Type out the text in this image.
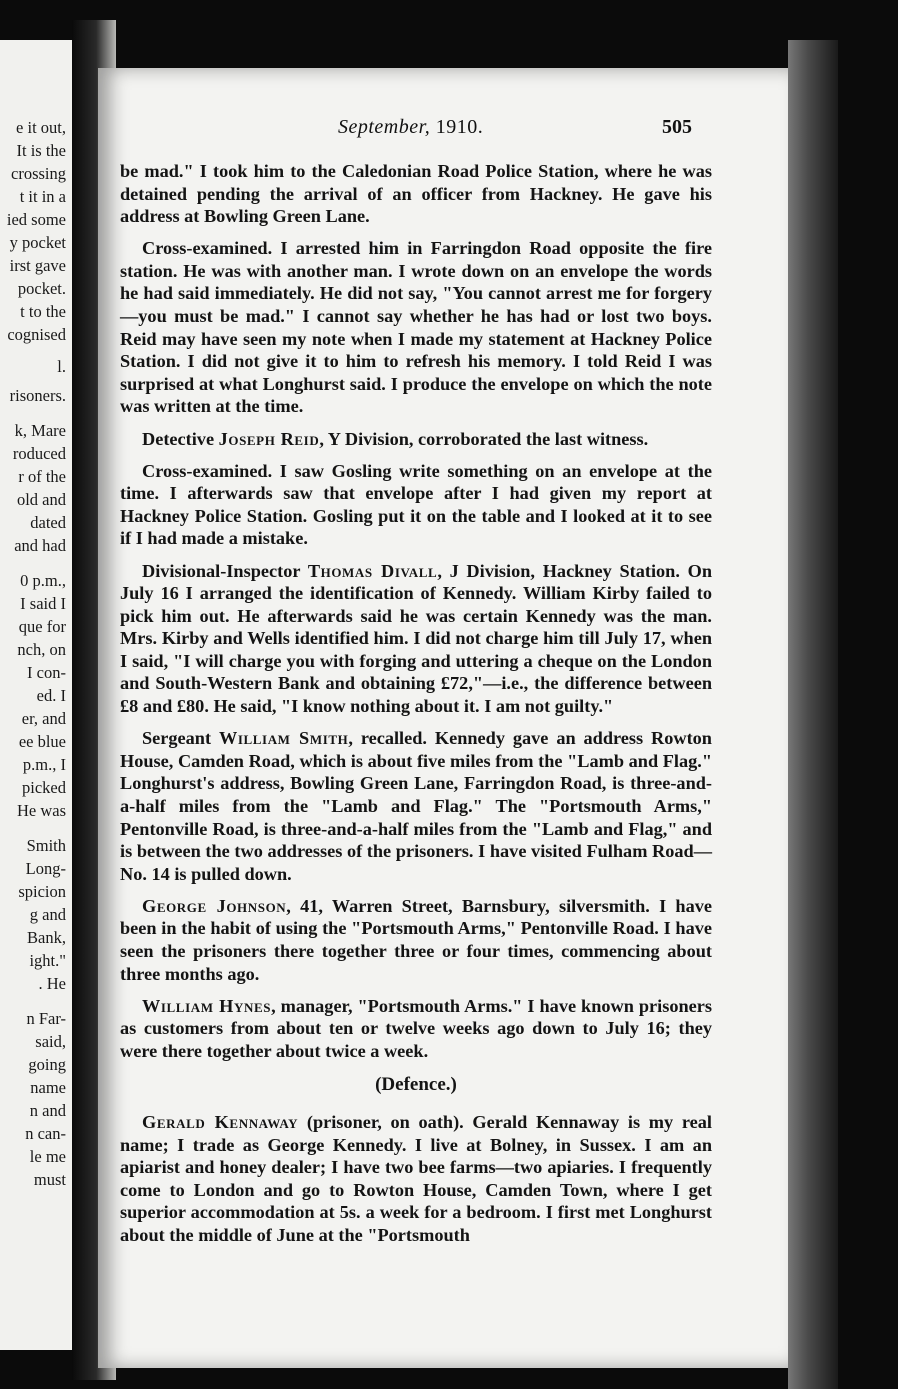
e it out,
It is the
crossing
t it in a
ied some
y pocket
irst gave
pocket.
t to the
cognised
l.
risoners.
k, Mare
roduced
r of the
old and
dated
and had
0 p.m.,
I said I
que for
nch, on
I con-
ed. I
er, and
ee blue
p.m., I
picked
He was
Smith
Long-
spicion
g and
Bank,
ight."
. He
n Far-
said,
going
name
n and
n can-
le me
must
September, 1910.	505

be mad." I took him to the Caledonian Road Police Station, where he was detained pending the arrival of an officer from Hackney. He gave his address at Bowling Green Lane.

Cross-examined. I arrested him in Farringdon Road opposite the fire station. He was with another man. I wrote down on an envelope the words he had said immediately. He did not say, "You cannot arrest me for forgery—you must be mad." I cannot say whether he has had or lost two boys. Reid may have seen my note when I made my statement at Hackney Police Station. I did not give it to him to refresh his memory. I told Reid I was surprised at what Longhurst said. I produce the envelope on which the note was written at the time.

Detective Joseph Reid, Y Division, corroborated the last witness.

Cross-examined. I saw Gosling write something on an envelope at the time. I afterwards saw that envelope after I had given my report at Hackney Police Station. Gosling put it on the table and I looked at it to see if I had made a mistake.

Divisional-Inspector Thomas Divall, J Division, Hackney Station. On July 16 I arranged the identification of Kennedy. William Kirby failed to pick him out. He afterwards said he was certain Kennedy was the man. Mrs. Kirby and Wells identified him. I did not charge him till July 17, when I said, "I will charge you with forging and uttering a cheque on the London and South-Western Bank and obtaining £72,"—i.e., the difference between £8 and £80. He said, "I know nothing about it. I am not guilty."

Sergeant William Smith, recalled. Kennedy gave an address Rowton House, Camden Road, which is about five miles from the "Lamb and Flag." Longhurst's address, Bowling Green Lane, Farringdon Road, is three-and-a-half miles from the "Lamb and Flag." The "Portsmouth Arms," Pentonville Road, is three-and-a-half miles from the "Lamb and Flag," and is between the two addresses of the prisoners. I have visited Fulham Road—No. 14 is pulled down.

George Johnson, 41, Warren Street, Barnsbury, silversmith. I have been in the habit of using the "Portsmouth Arms," Pentonville Road. I have seen the prisoners there together three or four times, commencing about three months ago.

William Hynes, manager, "Portsmouth Arms." I have known prisoners as customers from about ten or twelve weeks ago down to July 16; they were there together about twice a week.

(Defence.)

Gerald Kennaway (prisoner, on oath). Gerald Kennaway is my real name; I trade as George Kennedy. I live at Bolney, in Sussex. I am an apiarist and honey dealer; I have two bee farms—two apiaries. I frequently come to London and go to Rowton House, Camden Town, where I get superior accommodation at 5s. a week for a bedroom. I first met Longhurst about the middle of June at the "Portsmouth
